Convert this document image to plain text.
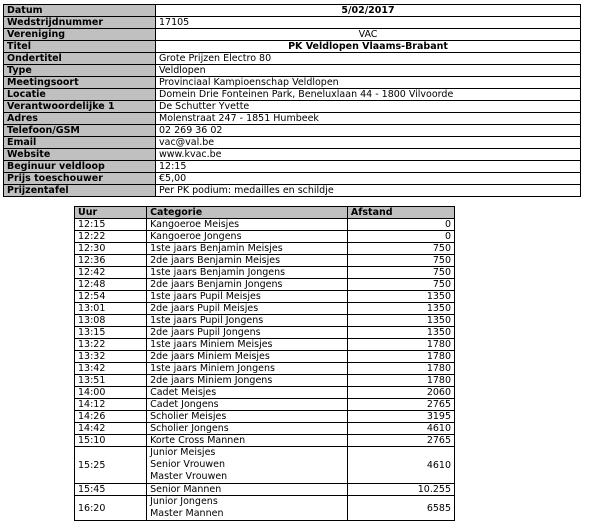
Datum	5/02/2017
Wedstrijdnummer	17105
Vereniging	VAC
Titel	PK Veldlopen Vlaams-Brabant
Ondertitel	Grote Prijzen Electro 80
Type	Veldlopen
Meetingsoort	Provinciaal Kampioenschap Veldlopen
Locatie	Domein Drie Fonteinen Park, Beneluxlaan 44 - 1800 Vilvoorde
Verantwoordelijke 1	De Schutter Yvette
Adres	Molenstraat 247 - 1851 Humbeek
Telefoon/GSM	02 269 36 02
Email	vac@val.be
Website	www.kvac.be
Beginuur veldloop	12:15
Prijs toeschouwer	€5,00
Prijzentafel	Per PK podium: medailles en schildje
Uur	Categorie	Afstand
12:15	Kangoeroe Meisjes	0
12:22	Kangoeroe Jongens	0
12:30	1ste jaars Benjamin Meisjes	750
12:36	2de jaars Benjamin Meisjes	750
12:42	1ste jaars Benjamin Jongens	750
12:48	2de jaars Benjamin Jongens	750
12:54	1ste jaars Pupil Meisjes	1350
13:01	2de jaars Pupil Meisjes	1350
13:08	1ste jaars Pupil Jongens	1350
13:15	2de jaars Pupil Jongens	1350
13:22	1ste jaars Miniem Meisjes	1780
13:32	2de jaars Miniem Meisjes	1780
13:42	1ste jaars Miniem Jongens	1780
13:51	2de jaars Miniem Jongens	1780
14:00	Cadet Meisjes	2060
14:12	Cadet Jongens	2765
14:26	Scholier Meisjes	3195
14:42	Scholier Jongens	4610
15:10	Korte Cross Mannen	2765
15:25	Junior Meisjes
Senior Vrouwen
Master Vrouwen	4610
15:45	Senior Mannen	10.255
16:20	Junior Jongens
Master Mannen	6585
